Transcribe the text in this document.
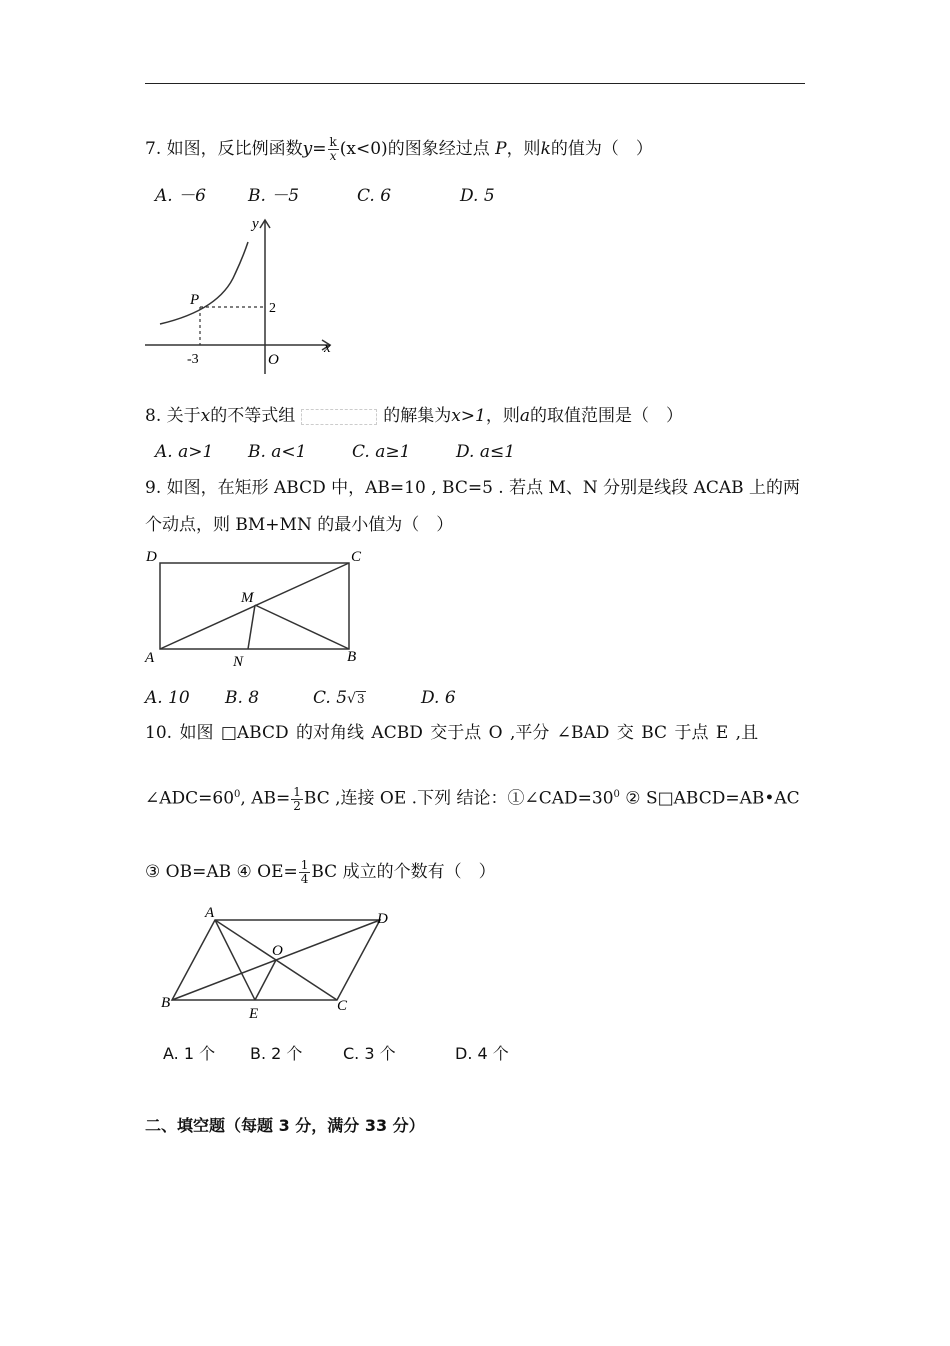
7. 如图，反比例函数$y= \frac{k}{x} (x<0)$的图象经过点 P，则k的值为（　）
A. －6 B. －5	C. 6	D. 5
y
x
P
-3
2
O
8. 关于x的不等式组	的解集为x>1，则a的取值范围是（　）
A. a>1 B. a<1	C. a≥1	D. a≤1
9. 如图，在矩形 ABCD 中，AB=10 , BC=5 . 若点 M、N 分别是线段 ACAB 上的两
个动点，则 BM+MN 的最小值为（　）
D	C
A	B
M
N
A. 10 B. 8	C. 5√3	D. 6
10. 如图 □ABCD 的对角线 ACBD 交于点 O ,平分 ∠BAD 交 BC 于点 E ,且
$\angle ADC=60^0$, $AB= \frac{1}{2}$ BC ,连接 OE .下列 结论：$①\angle CAD=30^0$ ② S□ABCD=AB•AC
③ OB=AB ④ $OE= \frac{1}{4}$ BC 成立的个数有（　）
A	D
O
B
E	C
A. 1 个 B. 2 个	C. 3 个	D. 4 个
二、填空题（每题 3 分，满分 33 分）
